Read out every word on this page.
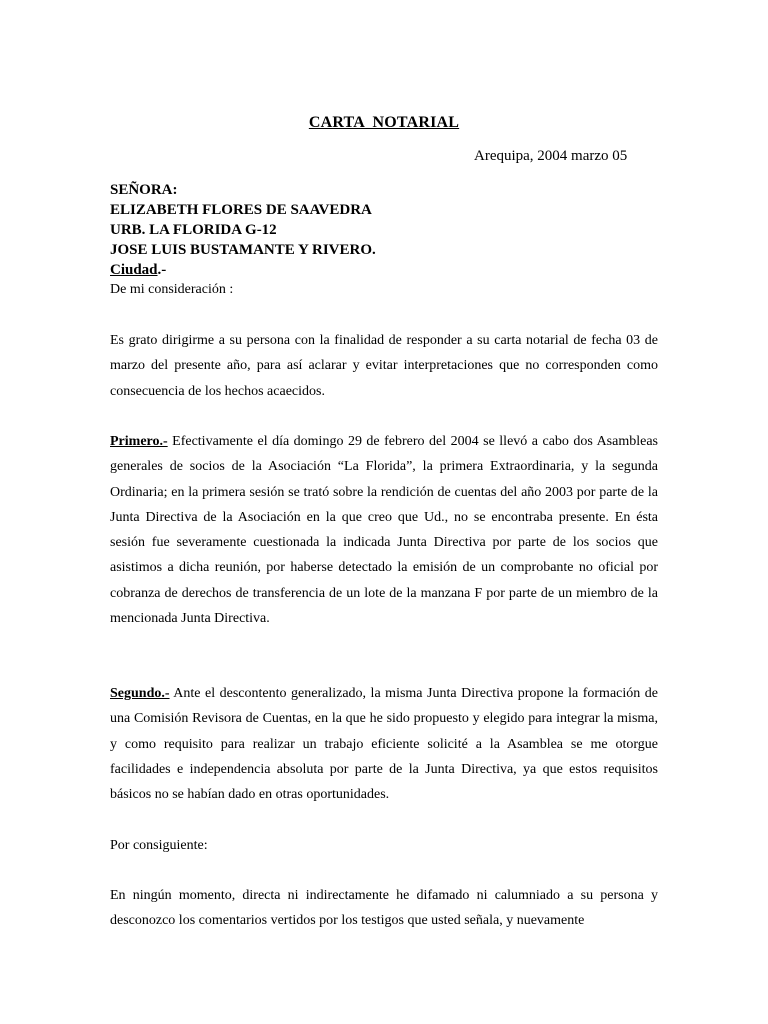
CARTA  NOTARIAL
Arequipa, 2004 marzo 05
SEÑORA:
ELIZABETH FLORES DE SAAVEDRA
URB. LA FLORIDA G-12
JOSE LUIS BUSTAMANTE Y RIVERO.
Ciudad.-
De mi consideración :

Es grato dirigirme a su persona con la finalidad de responder a su carta notarial de fecha 03 de marzo del presente año, para así aclarar y evitar interpretaciones que no corresponden como consecuencia de los hechos acaecidos.

Primero.- Efectivamente el día domingo 29 de febrero del 2004 se llevó a cabo dos Asambleas generales de socios de la Asociación “La Florida”, la primera Extraordinaria, y la segunda Ordinaria; en la primera sesión se trató sobre la rendición de cuentas del año 2003 por parte de la Junta Directiva de la Asociación en la que creo que Ud., no se encontraba presente. En ésta sesión fue severamente cuestionada la indicada Junta Directiva por parte de los socios que asistimos a dicha reunión, por haberse detectado la emisión de un comprobante no oficial por cobranza de derechos de transferencia de un lote de la manzana F por parte de un miembro de la mencionada Junta Directiva.

Segundo.- Ante el descontento generalizado, la misma Junta Directiva propone la formación de una Comisión Revisora de Cuentas, en la que he sido propuesto y elegido para integrar la misma, y como requisito para realizar un trabajo eficiente solicité a la Asamblea se me otorgue facilidades e independencia absoluta por parte de la Junta Directiva, ya que estos requisitos básicos no se habían dado en otras oportunidades.

Por consiguiente:

En ningún momento, directa ni indirectamente he difamado ni calumniado a su persona y desconozco los comentarios vertidos por los testigos que usted señala, y nuevamente
